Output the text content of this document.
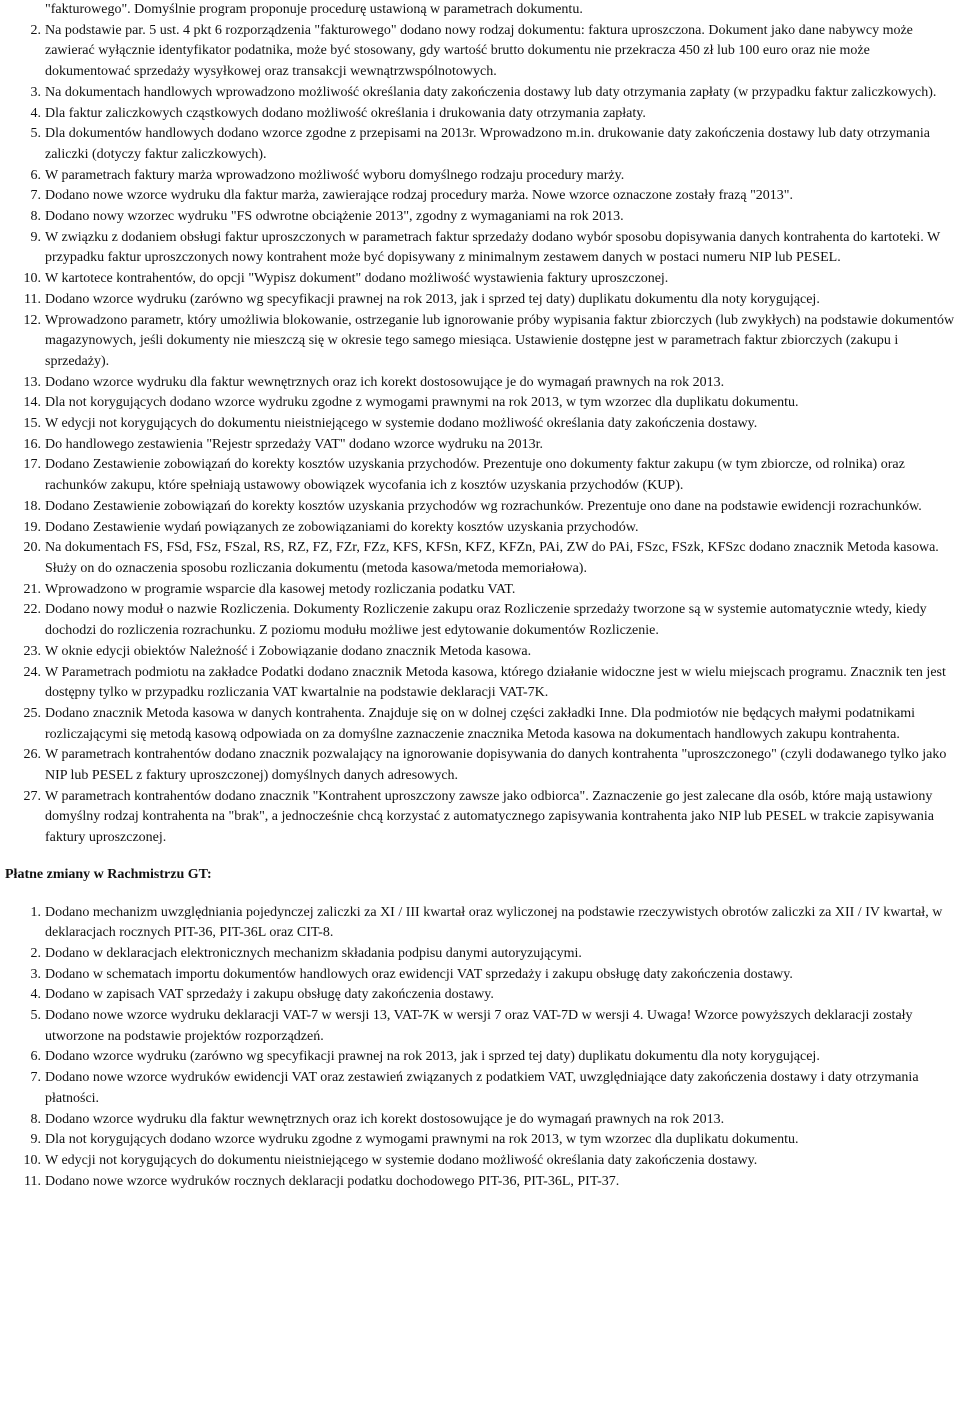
"fakturowego". Domyślnie program proponuje procedurę ustawioną w parametrach dokumentu.

2. Na podstawie par. 5 ust. 4 pkt 6 rozporządzenia "fakturowego" dodano nowy rodzaj dokumentu: faktura uproszczona. Dokument jako dane nabywcy może zawierać wyłącznie identyfikator podatnika, może być stosowany, gdy wartość brutto dokumentu nie przekracza 450 zł lub 100 euro oraz nie może dokumentować sprzedaży wysyłkowej oraz transakcji wewnątrzwspólnotowych.
3. Na dokumentach handlowych wprowadzono możliwość określania daty zakończenia dostawy lub daty otrzymania zapłaty (w przypadku faktur zaliczkowych).
4. Dla faktur zaliczkowych cząstkowych dodano możliwość określania i drukowania daty otrzymania zapłaty.
5. Dla dokumentów handlowych dodano wzorce zgodne z przepisami na 2013r. Wprowadzono m.in. drukowanie daty zakończenia dostawy lub daty otrzymania zaliczki (dotyczy faktur zaliczkowych).
6. W parametrach faktury marża wprowadzono możliwość wyboru domyślnego rodzaju procedury marży.
7. Dodano nowe wzorce wydruku dla faktur marża, zawierające rodzaj procedury marża. Nowe wzorce oznaczone zostały frazą "2013".
8. Dodano nowy wzorzec wydruku "FS odwrotne obciążenie 2013", zgodny z wymaganiami na rok 2013.
9. W związku z dodaniem obsługi faktur uproszczonych w parametrach faktur sprzedaży dodano wybór sposobu dopisywania danych kontrahenta do kartoteki. W przypadku faktur uproszczonych nowy kontrahent może być dopisywany z minimalnym zestawem danych w postaci numeru NIP lub PESEL.
10. W kartotece kontrahentów, do opcji "Wypisz dokument" dodano możliwość wystawienia faktury uproszczonej.
11. Dodano wzorce wydruku (zarówno wg specyfikacji prawnej na rok 2013, jak i sprzed tej daty) duplikatu dokumentu dla noty korygującej.
12. Wprowadzono parametr, który umożliwia blokowanie, ostrzeganie lub ignorowanie próby wypisania faktur zbiorczych (lub zwykłych) na podstawie dokumentów magazynowych, jeśli dokumenty nie mieszczą się w okresie tego samego miesiąca. Ustawienie dostępne jest w parametrach faktur zbiorczych (zakupu i sprzedaży).
13. Dodano wzorce wydruku dla faktur wewnętrznych oraz ich korekt dostosowujące je do wymagań prawnych na rok 2013.
14. Dla not korygujących dodano wzorce wydruku zgodne z wymogami prawnymi na rok 2013, w tym wzorzec dla duplikatu dokumentu.
15. W edycji not korygujących do dokumentu nieistniejącego w systemie dodano możliwość określania daty zakończenia dostawy.
16. Do handlowego zestawienia "Rejestr sprzedaży VAT" dodano wzorce wydruku na 2013r.
17. Dodano Zestawienie zobowiązań do korekty kosztów uzyskania przychodów. Prezentuje ono dokumenty faktur zakupu (w tym zbiorcze, od rolnika) oraz rachunków zakupu, które spełniają ustawowy obowiązek wycofania ich z kosztów uzyskania przychodów (KUP).
18. Dodano Zestawienie zobowiązań do korekty kosztów uzyskania przychodów wg rozrachunków. Prezentuje ono dane na podstawie ewidencji rozrachunków.
19. Dodano Zestawienie wydań powiązanych ze zobowiązaniami do korekty kosztów uzyskania przychodów.
20. Na dokumentach FS, FSd, FSz, FSzal, RS, RZ, FZ, FZr, FZz, KFS, KFSn, KFZ, KFZn, PAi, ZW do PAi, FSzc, FSzk, KFSzc dodano znacznik Metoda kasowa. Służy on do oznaczenia sposobu rozliczania dokumentu (metoda kasowa/metoda memoriałowa).
21. Wprowadzono w programie wsparcie dla kasowej metody rozliczania podatku VAT.
22. Dodano nowy moduł o nazwie Rozliczenia. Dokumenty Rozliczenie zakupu oraz Rozliczenie sprzedaży tworzone są w systemie automatycznie wtedy, kiedy dochodzi do rozliczenia rozrachunku. Z poziomu modułu możliwe jest edytowanie dokumentów Rozliczenie.
23. W oknie edycji obiektów Należność i Zobowiązanie dodano znacznik Metoda kasowa.
24. W Parametrach podmiotu na zakładce Podatki dodano znacznik Metoda kasowa, którego działanie widoczne jest w wielu miejscach programu. Znacznik ten jest dostępny tylko w przypadku rozliczania VAT kwartalnie na podstawie deklaracji VAT-7K.
25. Dodano znacznik Metoda kasowa w danych kontrahenta. Znajduje się on w dolnej części zakładki Inne. Dla podmiotów nie będących małymi podatnikami rozliczającymi się metodą kasową odpowiada on za domyślne zaznaczenie znacznika Metoda kasowa na dokumentach handlowych zakupu kontrahenta.
26. W parametrach kontrahentów dodano znacznik pozwalający na ignorowanie dopisywania do danych kontrahenta "uproszczonego" (czyli dodawanego tylko jako NIP lub PESEL z faktury uproszczonej) domyślnych danych adresowych.
27. W parametrach kontrahentów dodano znacznik "Kontrahent uproszczony zawsze jako odbiorca". Zaznaczenie go jest zalecane dla osób, które mają ustawiony domyślny rodzaj kontrahenta na "brak", a jednocześnie chcą korzystać z automatycznego zapisywania kontrahenta jako NIP lub PESEL w trakcie zapisywania faktury uproszczonej.
Płatne zmiany w Rachmistrzu GT:
1. Dodano mechanizm uwzględniania pojedynczej zaliczki za XI / III kwartał oraz wyliczonej na podstawie rzeczywistych obrotów zaliczki za XII / IV kwartał, w deklaracjach rocznych PIT-36, PIT-36L oraz CIT-8.
2. Dodano w deklaracjach elektronicznych mechanizm składania podpisu danymi autoryzującymi.
3. Dodano w schematach importu dokumentów handlowych oraz ewidencji VAT sprzedaży i zakupu obsługę daty zakończenia dostawy.
4. Dodano w zapisach VAT sprzedaży i zakupu obsługę daty zakończenia dostawy.
5. Dodano nowe wzorce wydruku deklaracji VAT-7 w wersji 13, VAT-7K w wersji 7 oraz VAT-7D w wersji 4. Uwaga! Wzorce powyższych deklaracji zostały utworzone na podstawie projektów rozporządzeń.
6. Dodano wzorce wydruku (zarówno wg specyfikacji prawnej na rok 2013, jak i sprzed tej daty) duplikatu dokumentu dla noty korygującej.
7. Dodano nowe wzorce wydruków ewidencji VAT oraz zestawień związanych z podatkiem VAT, uwzględniające daty zakończenia dostawy i daty otrzymania płatności.
8. Dodano wzorce wydruku dla faktur wewnętrznych oraz ich korekt dostosowujące je do wymagań prawnych na rok 2013.
9. Dla not korygujących dodano wzorce wydruku zgodne z wymogami prawnymi na rok 2013, w tym wzorzec dla duplikatu dokumentu.
10. W edycji not korygujących do dokumentu nieistniejącego w systemie dodano możliwość określania daty zakończenia dostawy.
11. Dodano nowe wzorce wydruków rocznych deklaracji podatku dochodowego PIT-36, PIT-36L, PIT-37.
